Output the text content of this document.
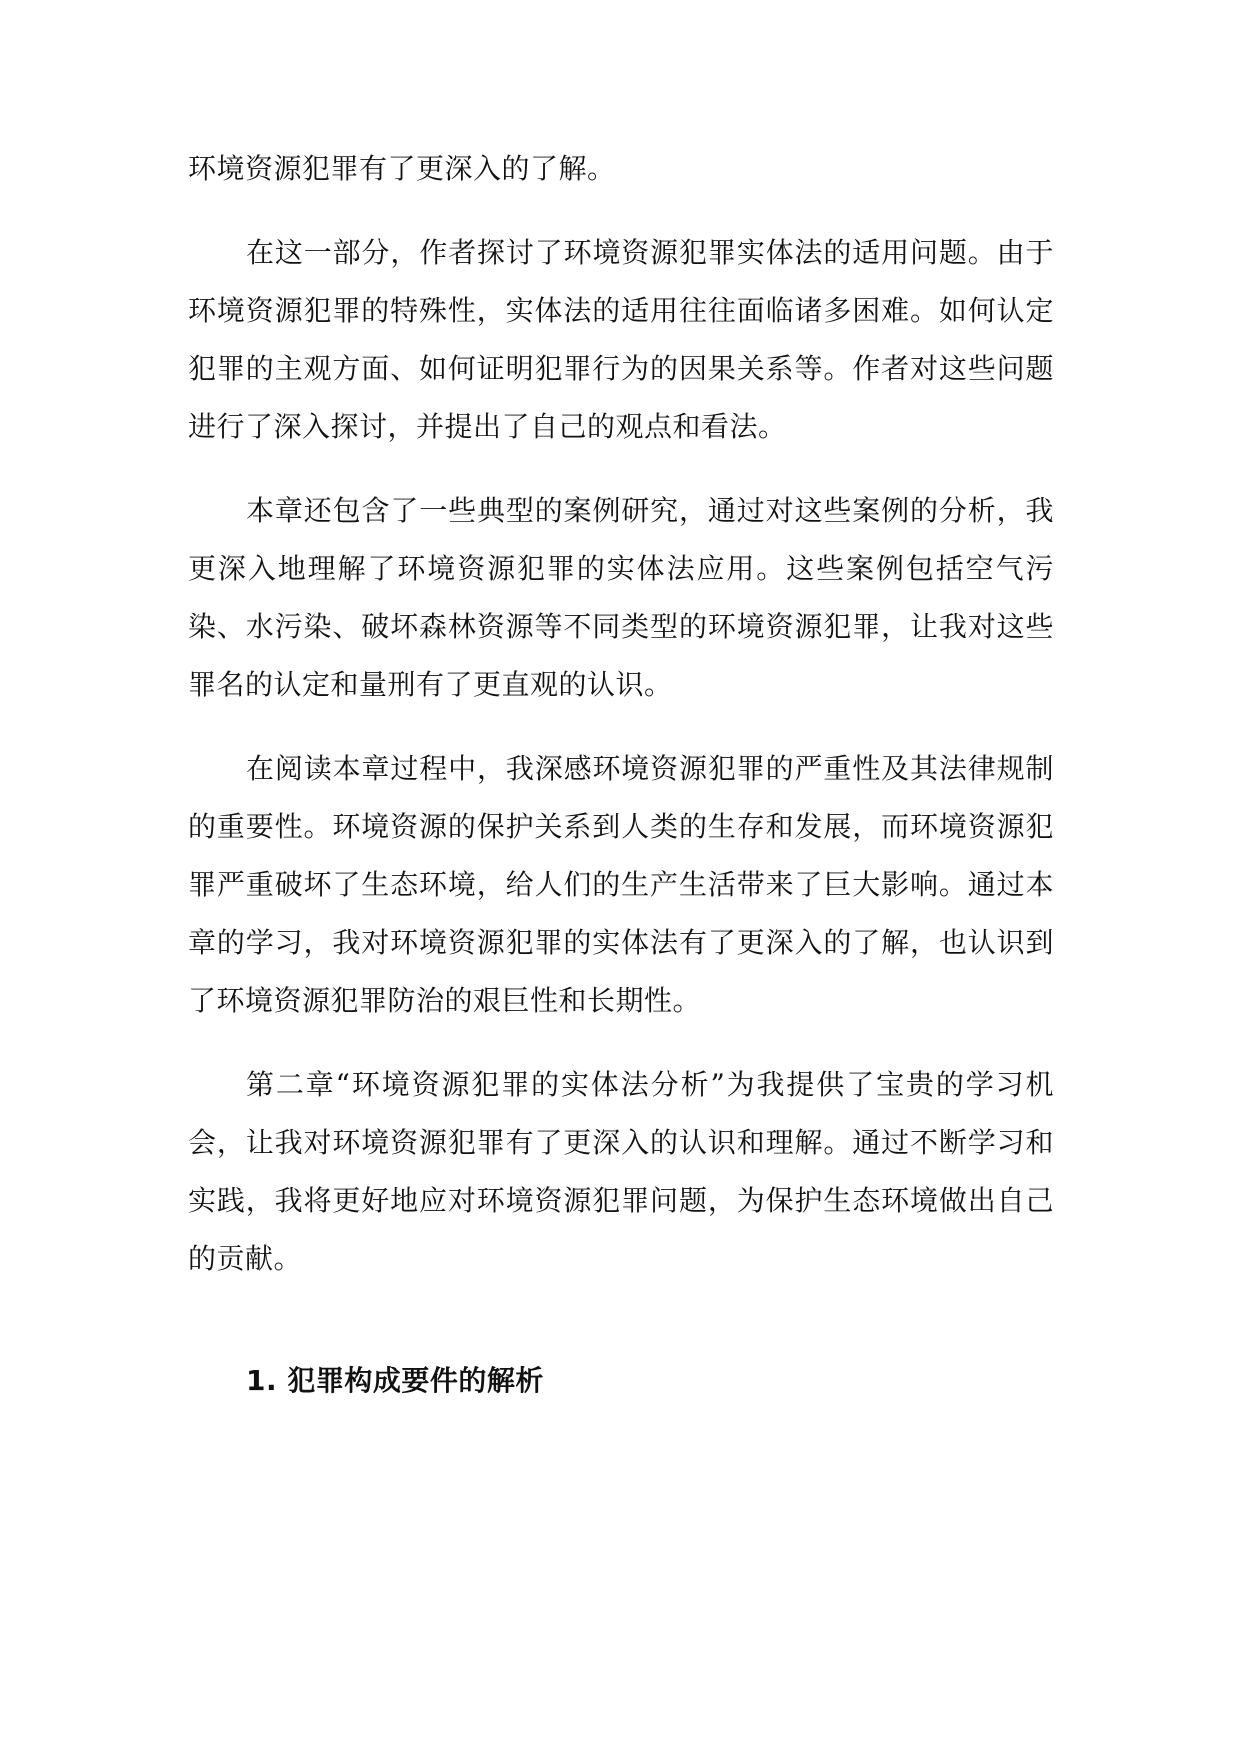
环境资源犯罪有了更深入的了解。

在这一部分，作者探讨了环境资源犯罪实体法的适用问题。由于环境资源犯罪的特殊性，实体法的适用往往面临诸多困难。如何认定犯罪的主观方面、如何证明犯罪行为的因果关系等。作者对这些问题进行了深入探讨，并提出了自己的观点和看法。

本章还包含了一些典型的案例研究，通过对这些案例的分析，我更深入地理解了环境资源犯罪的实体法应用。这些案例包括空气污染、水污染、破坏森林资源等不同类型的环境资源犯罪，让我对这些罪名的认定和量刑有了更直观的认识。

在阅读本章过程中，我深感环境资源犯罪的严重性及其法律规制的重要性。环境资源的保护关系到人类的生存和发展，而环境资源犯罪严重破坏了生态环境，给人们的生产生活带来了巨大影响。通过本章的学习，我对环境资源犯罪的实体法有了更深入的了解，也认识到了环境资源犯罪防治的艰巨性和长期性。

第二章“环境资源犯罪的实体法分析”为我提供了宝贵的学习机会，让我对环境资源犯罪有了更深入的认识和理解。通过不断学习和实践，我将更好地应对环境资源犯罪问题，为保护生态环境做出自己的贡献。

1. 犯罪构成要件的解析
